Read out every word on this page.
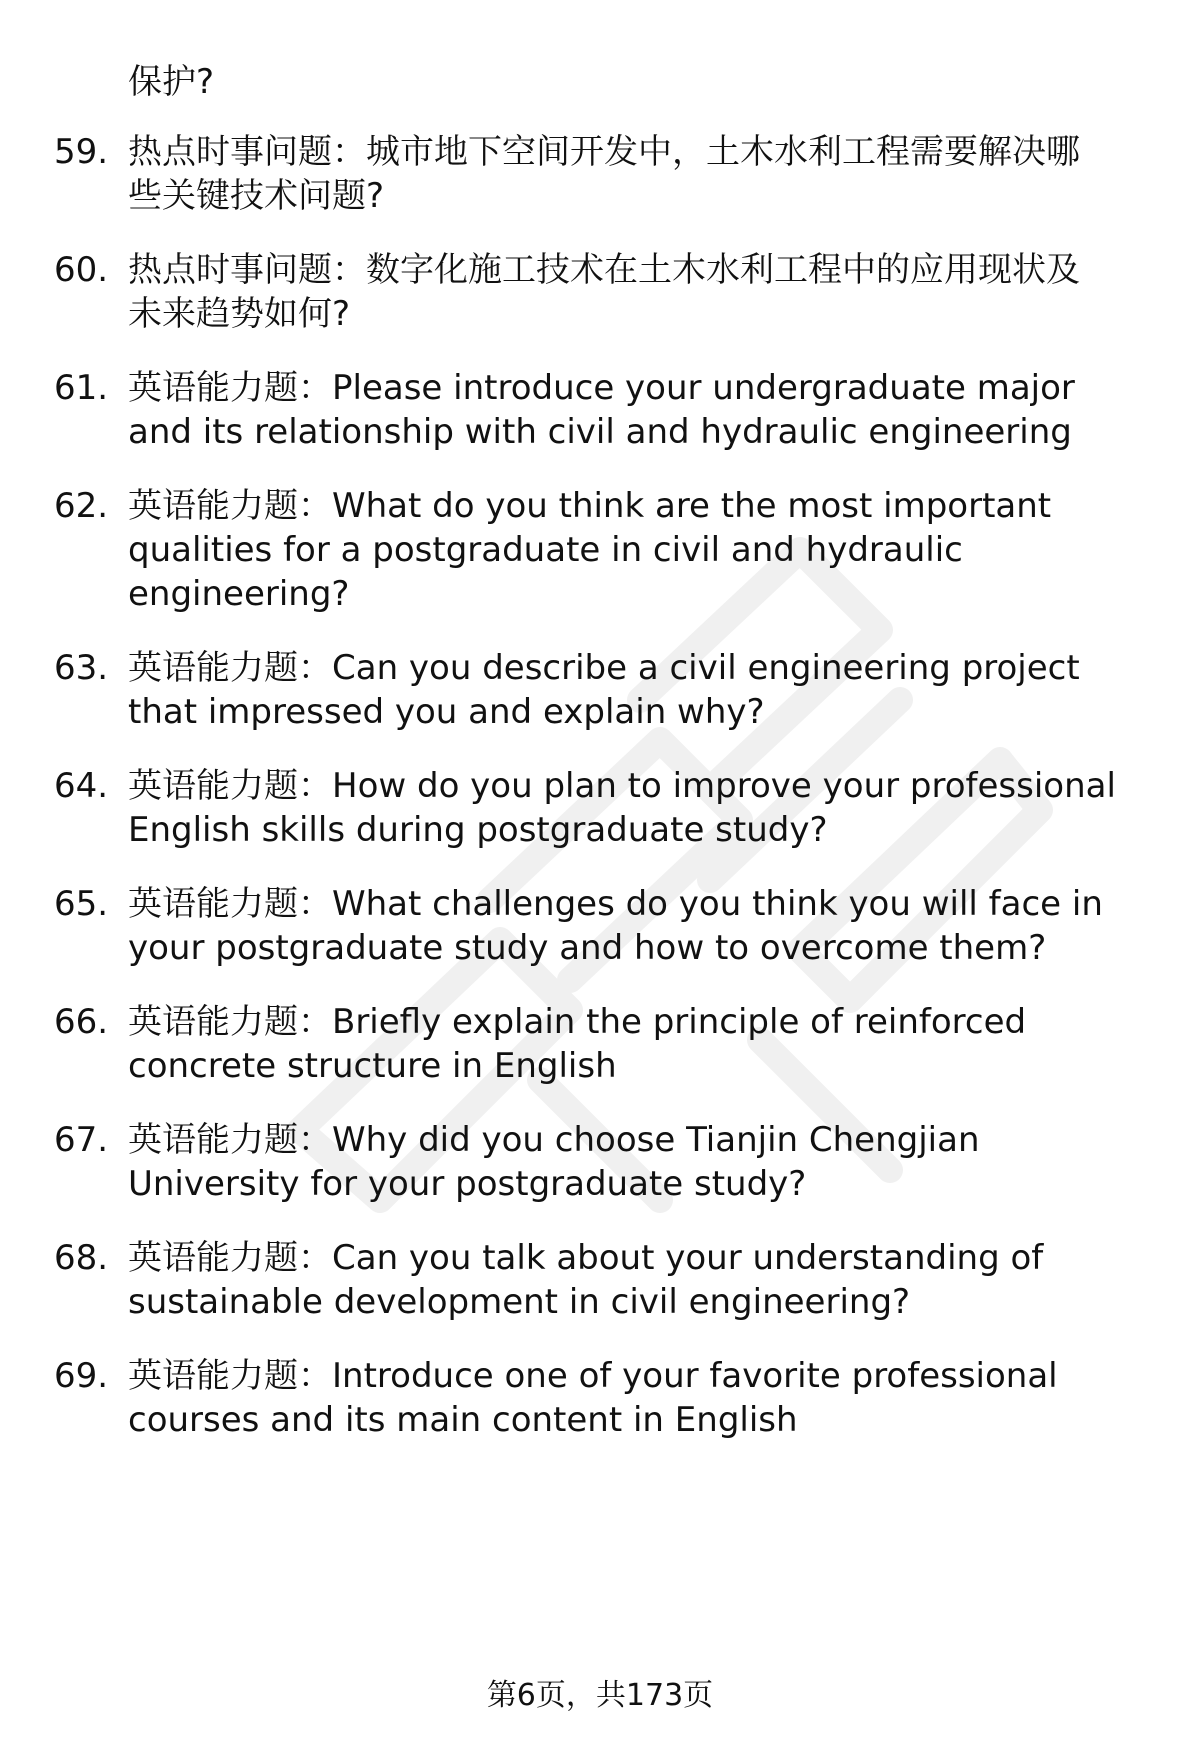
保护?
59. 热点时事问题：城市地下空间开发中，土木水利工程需要解决哪
些关键技术问题?
60. 热点时事问题：数字化施工技术在土木水利工程中的应用现状及
未来趋势如何?
61. 英语能力题：Please introduce your undergraduate major
and its relationship with civil and hydraulic engineering
62. 英语能力题：What do you think are the most important
qualities for a postgraduate in civil and hydraulic
engineering?
63. 英语能力题：Can you describe a civil engineering project
that impressed you and explain why?
64. 英语能力题：How do you plan to improve your professional
English skills during postgraduate study?
65. 英语能力题：What challenges do you think you will face in
your postgraduate study and how to overcome them?
66. 英语能力题：Briefly explain the principle of reinforced
concrete structure in English
67. 英语能力题：Why did you choose Tianjin Chengjian
University for your postgraduate study?
68. 英语能力题：Can you talk about your understanding of
sustainable development in civil engineering?
69. 英语能力题：Introduce one of your favorite professional
courses and its main content in English
第6页，共173页
